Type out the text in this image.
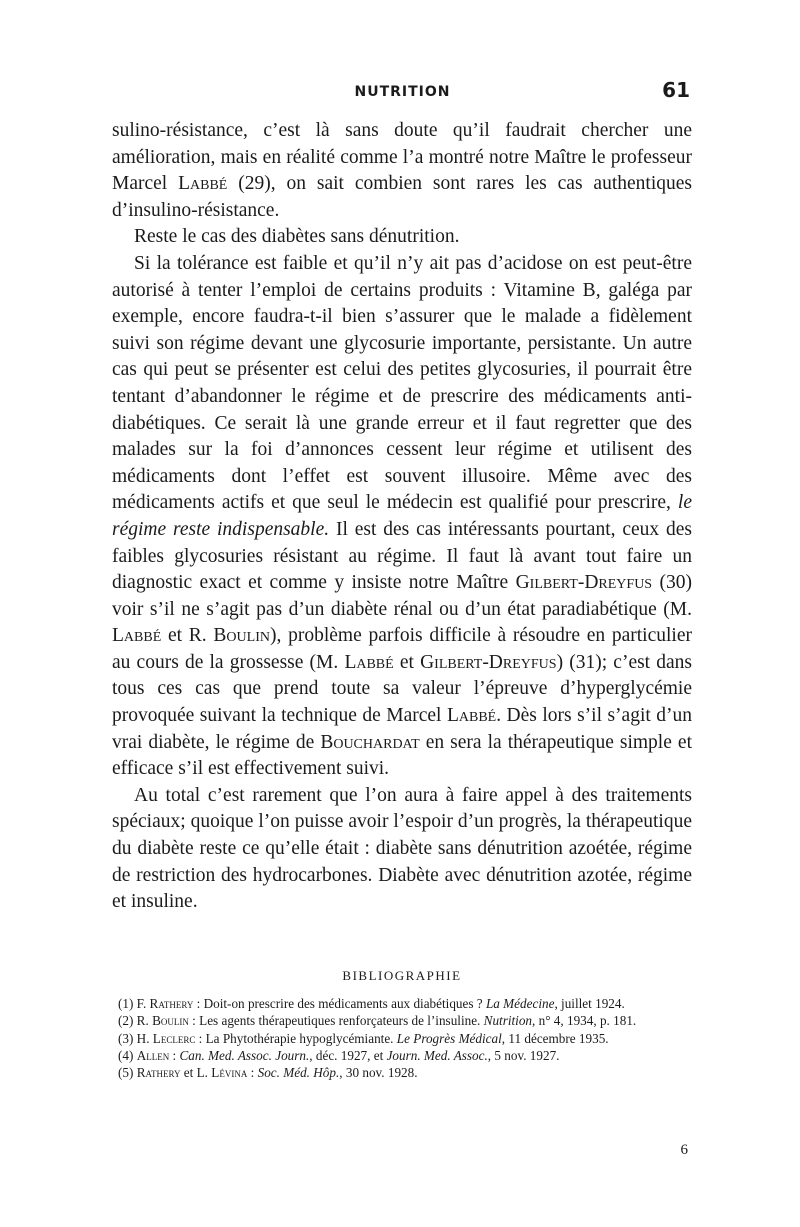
NUTRITION	61

sulino-résistance, c’est là sans doute qu’il faudrait chercher une amélioration, mais en réalité comme l’a montré notre Maître le professeur Marcel Labbé (29), on sait combien sont rares les cas authentiques d’insulino-résistance.

Reste le cas des diabètes sans dénutrition.

Si la tolérance est faible et qu’il n’y ait pas d’acidose on est peut-être autorisé à tenter l’emploi de certains produits : Vitamine B, galéga par exemple, encore faudra-t-il bien s’assurer que le malade a fidèlement suivi son régime devant une glycosurie importante, persistante. Un autre cas qui peut se présenter est celui des petites glycosuries, il pourrait être tentant d’abandonner le régime et de prescrire des médicaments anti-diabétiques. Ce serait là une grande erreur et il faut regretter que des malades sur la foi d’annonces cessent leur régime et utilisent des médicaments dont l’effet est souvent illusoire. Même avec des médicaments actifs et que seul le médecin est qualifié pour prescrire, le régime reste indispensable. Il est des cas intéressants pourtant, ceux des faibles glycosuries résistant au régime. Il faut là avant tout faire un diagnostic exact et comme y insiste notre Maître Gilbert-Dreyfus (30) voir s’il ne s’agit pas d’un diabète rénal ou d’un état paradiabétique (M. Labbé et R. Boulin), problème parfois difficile à résoudre en particulier au cours de la grossesse (M. Labbé et Gilbert-Dreyfus) (31); c’est dans tous ces cas que prend toute sa valeur l’épreuve d’hyperglycémie provoquée suivant la technique de Marcel Labbé. Dès lors s’il s’agit d’un vrai diabète, le régime de Bouchardat en sera la thérapeutique simple et efficace s’il est effectivement suivi.

Au total c’est rarement que l’on aura à faire appel à des traitements spéciaux; quoique l’on puisse avoir l’espoir d’un progrès, la thérapeutique du diabète reste ce qu’elle était : diabète sans dénutrition azoétée, régime de restriction des hydrocarbones. Diabète avec dénutrition azotée, régime et insuline.

BIBLIOGRAPHIE

(1) F. Rathery : Doit-on prescrire des médicaments aux diabétiques ? La Médecine, juillet 1924.

(2) R. Boulin : Les agents thérapeutiques renforçateurs de l’insuline. Nutrition, n° 4, 1934, p. 181.

(3) H. Leclerc : La Phytothérapie hypoglycémiante. Le Progrès Médical, 11 décembre 1935.

(4) Allen : Can. Med. Assoc. Journ., déc. 1927, et Journ. Med. Assoc., 5 nov. 1927.

(5) Rathery et L. Lévina : Soc. Méd. Hôp., 30 nov. 1928.

6
